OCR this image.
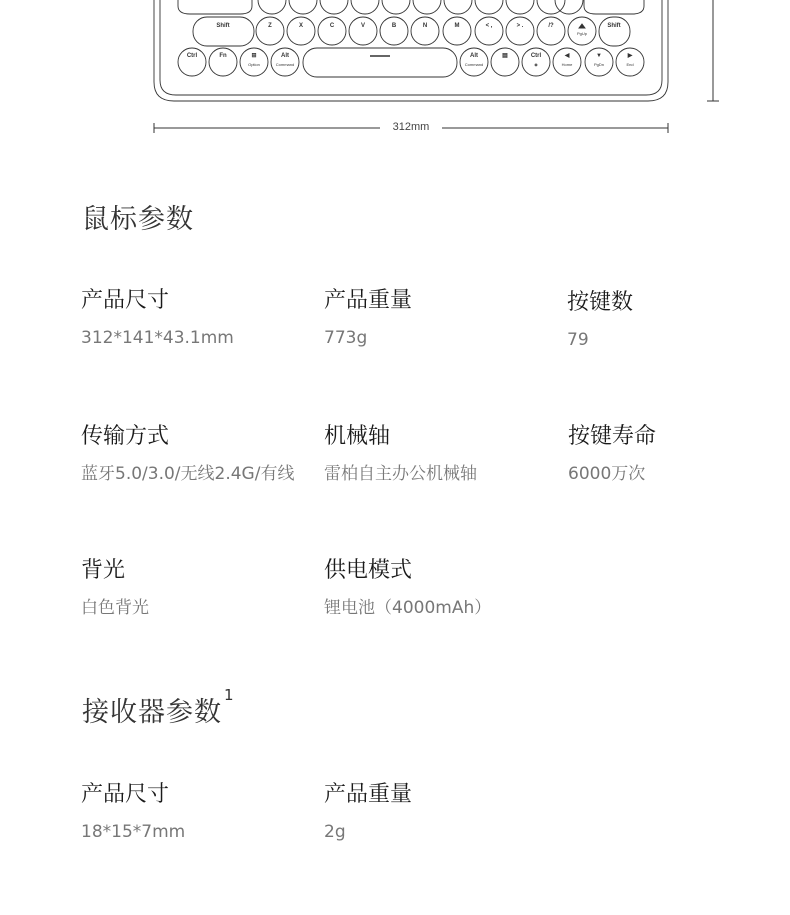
Shift	Z	X	C	V	B	N	M	< ,	> .	/?
PgUp
Shift
Ctrl	Fn	⊞
Option
Alt
Command
Alt
Command
▤	Ctrl
◉
◀
Home
▼
PgDn
▶
End
312mm
鼠标参数

产品尺寸

312*141*43.1mm

产品重量

773g

按键数

79

传输方式

蓝牙5.0/3.0/无线2.4G/有线

机械轴

雷柏自主办公机械轴

按键寿命

6000万次

背光

白色背光

供电模式

锂电池（4000mAh）

接收器参数$^1$

产品尺寸

18*15*7mm

产品重量

2g
